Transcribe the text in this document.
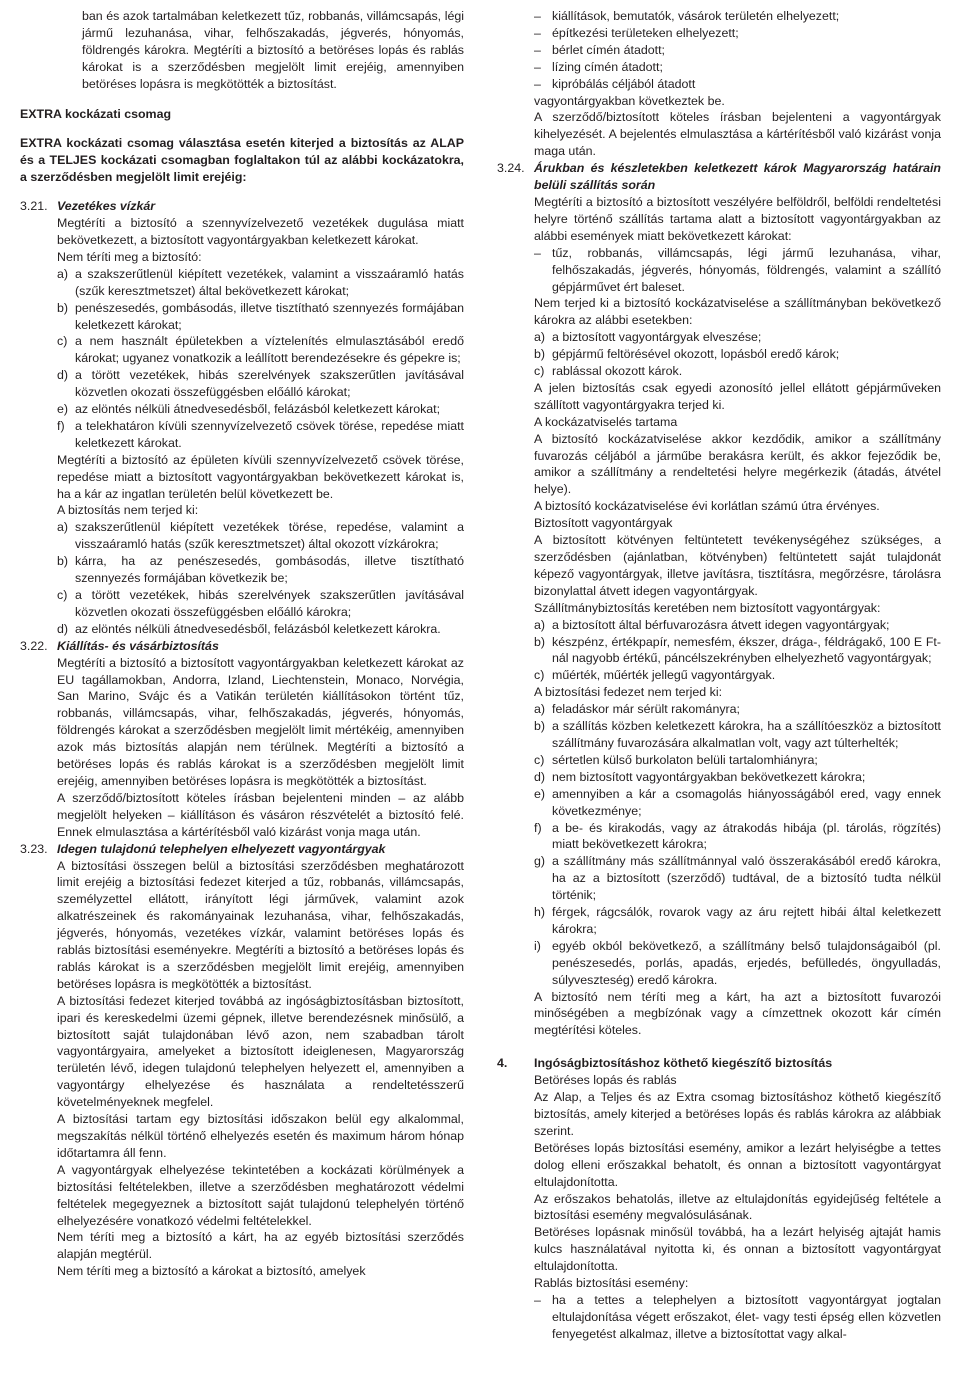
ban és azok tartalmában keletkezett tűz, robbanás, villámcsapás, légi jármű lezuhanása, vihar, felhőszakadás, jégverés, hónyomás, földrengés károkra. Megtéríti a biztosító a betöréses lopás és rablás károkat is a szerződésben megjelölt limit erejéig, amennyiben betöréses lopásra is megkötötték a biztosítást.

EXTRA kockázati csomag

EXTRA kockázati csomag választása esetén kiterjed a biztosítás az ALAP és a TELJES kockázati csomagban foglaltakon túl az alábbi kockázatokra, a szerződésben megjelölt limit erejéig:

3.21. Vezetékes vízkár

Megtéríti a biztosító a szennyvízelvezető vezetékek dugulása miatt bekövetkezett, a biztosított vagyontárgyakban keletkezett károkat.

Nem téríti meg a biztosító:

a) a szakszerűtlenül kiépített vezetékek, valamint a visszaáramló hatás (szűk keresztmetszet) által bekövetkezett károkat;
b) penészesedés, gombásodás, illetve tisztítható szennyezés formájában keletkezett károkat;
c) a nem használt épületekben a víztelenítés elmulasztásából eredő károkat; ugyanez vonatkozik a leállított berendezésekre és gépekre is;
d) a törött vezetékek, hibás szerelvények szakszerűtlen javításával közvetlen okozati összefüggésben előálló károkat;
e) az elöntés nélküli átnedvesedésből, felázásból keletkezett károkat;
f) a telekhatáron kívüli szennyvízelvezető csövek törése, repedése miatt keletkezett károkat.

Megtéríti a biztosító az épületen kívüli szennyvízelvezető csövek törése, repedése miatt a biztosított vagyontárgyakban bekövetkezett károkat is, ha a kár az ingatlan területén belül következett be.

A biztosítás nem terjed ki:

a) szakszerűtlenül kiépített vezetékek törése, repedése, valamint a visszaáramló hatás (szűk keresztmetszet) által okozott vízkárokra;
b) kárra, ha az penészesedés, gombásodás, illetve tisztítható szennyezés formájában következik be;
c) a törött vezetékek, hibás szerelvények szakszerűtlen javításával közvetlen okozati összefüggésben előálló károkra;
d) az elöntés nélküli átnedvesedésből, felázásból keletkezett károkra.
3.22. Kiállítás- és vásárbiztosítás

Megtéríti a biztosító a biztosított vagyontárgyakban keletkezett károkat az EU tagállamokban, Andorra, Izland, Liechtenstein, Monaco, Norvégia, San Marino, Svájc és a Vatikán területén kiállításokon történt tűz, robbanás, villámcsapás, vihar, felhőszakadás, jégverés, hónyomás, földrengés károkat a szerződésben megjelölt limit mértékéig, amennyiben azok más biztosítás alapján nem térülnek. Megtéríti a biztosító a betöréses lopás és rablás károkat is a szerződésben megjelölt limit erejéig, amennyiben betöréses lopásra is megkötötték a biztosítást.

A szerződő/biztosított köteles írásban bejelenteni minden – az alább megjelölt helyeken – kiállításon és vásáron részvételét a biztosító felé. Ennek elmulasztása a kártérítésből való kizárást vonja maga után.

3.23. Idegen tulajdonú telephelyen elhelyezett vagyontárgyak

A biztosítási összegen belül a biztosítási szerződésben meghatározott limit erejéig a biztosítási fedezet kiterjed a tűz, robbanás, villámcsapás, személyzettel ellátott, irányított légi járművek, valamint azok alkatrészeinek és rakományainak lezuhanása, vihar, felhőszakadás, jégverés, hónyomás, vezetékes vízkár, valamint betöréses lopás és rablás biztosítási eseményekre. Megtéríti a biztosító a betöréses lopás és rablás károkat is a szerződésben megjelölt limit erejéig, amennyiben betöréses lopásra is megkötötték a biztosítást.

A biztosítási fedezet kiterjed továbbá az ingóságbiztosításban biztosított, ipari és kereskedelmi üzemi gépnek, illetve berendezésnek minősülő, a biztosított saját tulajdonában lévő azon, nem szabadban tárolt vagyontárgyaira, amelyeket a biztosított ideiglenesen, Magyarország területén lévő, idegen tulajdonú telephelyen helyezett el, amennyiben a vagyontárgy elhelyezése és használata a rendeltetésszerű követelményeknek megfelel.

A biztosítási tartam egy biztosítási időszakon belül egy alkalommal, megszakítás nélkül történő elhelyezés esetén és maximum három hónap időtartamra áll fenn.

A vagyontárgyak elhelyezése tekintetében a kockázati körülmények a biztosítási feltételekben, illetve a szerződésben meghatározott védelmi feltételek megegyeznek a biztosított saját tulajdonú telephelyén történő elhelyezésére vonatkozó védelmi feltételekkel.

Nem téríti meg a biztosító a kárt, ha az egyéb biztosítási szerződés alapján megtérül.

Nem téríti meg a biztosító a károkat a biztosító, amelyek

– kiállítások, bemutatók, vásárok területén elhelyezett;
– építkezési területeken elhelyezett;
– bérlet címén átadott;
– lízing címén átadott;
– kipróbálás céljából átadott

vagyontárgyakban következtek be.

A szerződő/biztosított köteles írásban bejelenteni a vagyontárgyak kihelyezését. A bejelentés elmulasztása a kártérítésből való kizárást vonja maga után.

3.24. Árukban és készletekben keletkezett károk Magyarország határain belüli szállítás során

Megtéríti a biztosító a biztosított veszélyére belföldről, belföldi rendeltetési helyre történő szállítás tartama alatt a biztosított vagyontárgyakban az alábbi események miatt bekövetkezett károkat:

– tűz, robbanás, villámcsapás, légi jármű lezuhanása, vihar, felhőszakadás, jégverés, hónyomás, földrengés, valamint a szállító gépjárművet ért baleset.

Nem terjed ki a biztosító kockázatviselése a szállítmányban bekövetkező károkra az alábbi esetekben:

a) a biztosított vagyontárgyak elveszése;
b) gépjármű feltörésével okozott, lopásból eredő károk;
c) rablással okozott károk.

A jelen biztosítás csak egyedi azonosító jellel ellátott gépjárműveken szállított vagyontárgyakra terjed ki.

A kockázatviselés tartama

A biztosító kockázatviselése akkor kezdődik, amikor a szállítmány fuvarozás céljából a járműbe berakásra került, és akkor fejeződik be, amikor a szállítmány a rendeltetési helyre megérkezik (átadás, átvétel helye).

A biztosító kockázatviselése évi korlátlan számú útra érvényes.

Biztosított vagyontárgyak

A biztosított kötvényen feltüntetett tevékenységéhez szükséges, a szerződésben (ajánlatban, kötvényben) feltüntetett saját tulajdonát képező vagyontárgyak, illetve javításra, tisztításra, megőrzésre, tárolásra bizonylattal átvett idegen vagyontárgyak.

Szállítmánybiztosítás keretében nem biztosított vagyontárgyak:

a) a biztosított által bérfuvarozásra átvett idegen vagyontárgyak;
b) készpénz, értékpapír, nemesfém, ékszer, drága-, féldrágakő, 100 E Ft-nál nagyobb értékű, páncélszekrényben elhelyezhető vagyontárgyak;
c) műérték, műérték jellegű vagyontárgyak.

A biztosítási fedezet nem terjed ki:

a) feladáskor már sérült rakományra;
b) a szállítás közben keletkezett károkra, ha a szállítóeszköz a biztosított szállítmány fuvarozására alkalmatlan volt, vagy azt túlterhelték;
c) sértetlen külső burkolaton belüli tartalomhiányra;
d) nem biztosított vagyontárgyakban bekövetkezett károkra;
e) amennyiben a kár a csomagolás hiányosságából ered, vagy ennek következménye;
f) a be- és kirakodás, vagy az átrakodás hibája (pl. tárolás, rögzítés) miatt bekövetkezett károkra;
g) a szállítmány más szállítmánnyal való összerakásából eredő károkra, ha az a biztosított (szerződő) tudtával, de a biztosító tudta nélkül történik;
h) férgek, rágcsálók, rovarok vagy az áru rejtett hibái által keletkezett károkra;
i) egyéb okból bekövetkező, a szállítmány belső tulajdonságaiból (pl. penészesedés, porlás, apadás, erjedés, befülledés, öngyulladás, súlyveszteség) eredő károkra.

A biztosító nem téríti meg a kárt, ha azt a biztosított fuvarozói minőségében a megbízónak vagy a címzettnek okozott kár címén megtérítési köteles.

4. Ingóságbiztosításhoz köthető kiegészítő biztosítás

Betöréses lopás és rablás

Az Alap, a Teljes és az Extra csomag biztosításhoz köthető kiegészítő biztosítás, amely kiterjed a betöréses lopás és rablás károkra az alábbiak szerint.

Betöréses lopás biztosítási esemény, amikor a lezárt helyiségbe a tettes dolog elleni erőszakkal behatolt, és onnan a biztosított vagyontárgyat eltulajdonította.

Az erőszakos behatolás, illetve az eltulajdonítás egyidejűség feltétele a biztosítási esemény megvalósulásának.

Betöréses lopásnak minősül továbbá, ha a lezárt helyiség ajtaját hamis kulcs használatával nyitotta ki, és onnan a biztosított vagyontárgyat eltulajdonította.

Rablás biztosítási esemény:

– ha a tettes a telephelyen a biztosított vagyontárgyat jogtalan eltulajdonítása végett erőszakot, élet- vagy testi épség ellen közvetlen fenyegetést alkalmaz, illetve a biztosítottat vagy alkal-
